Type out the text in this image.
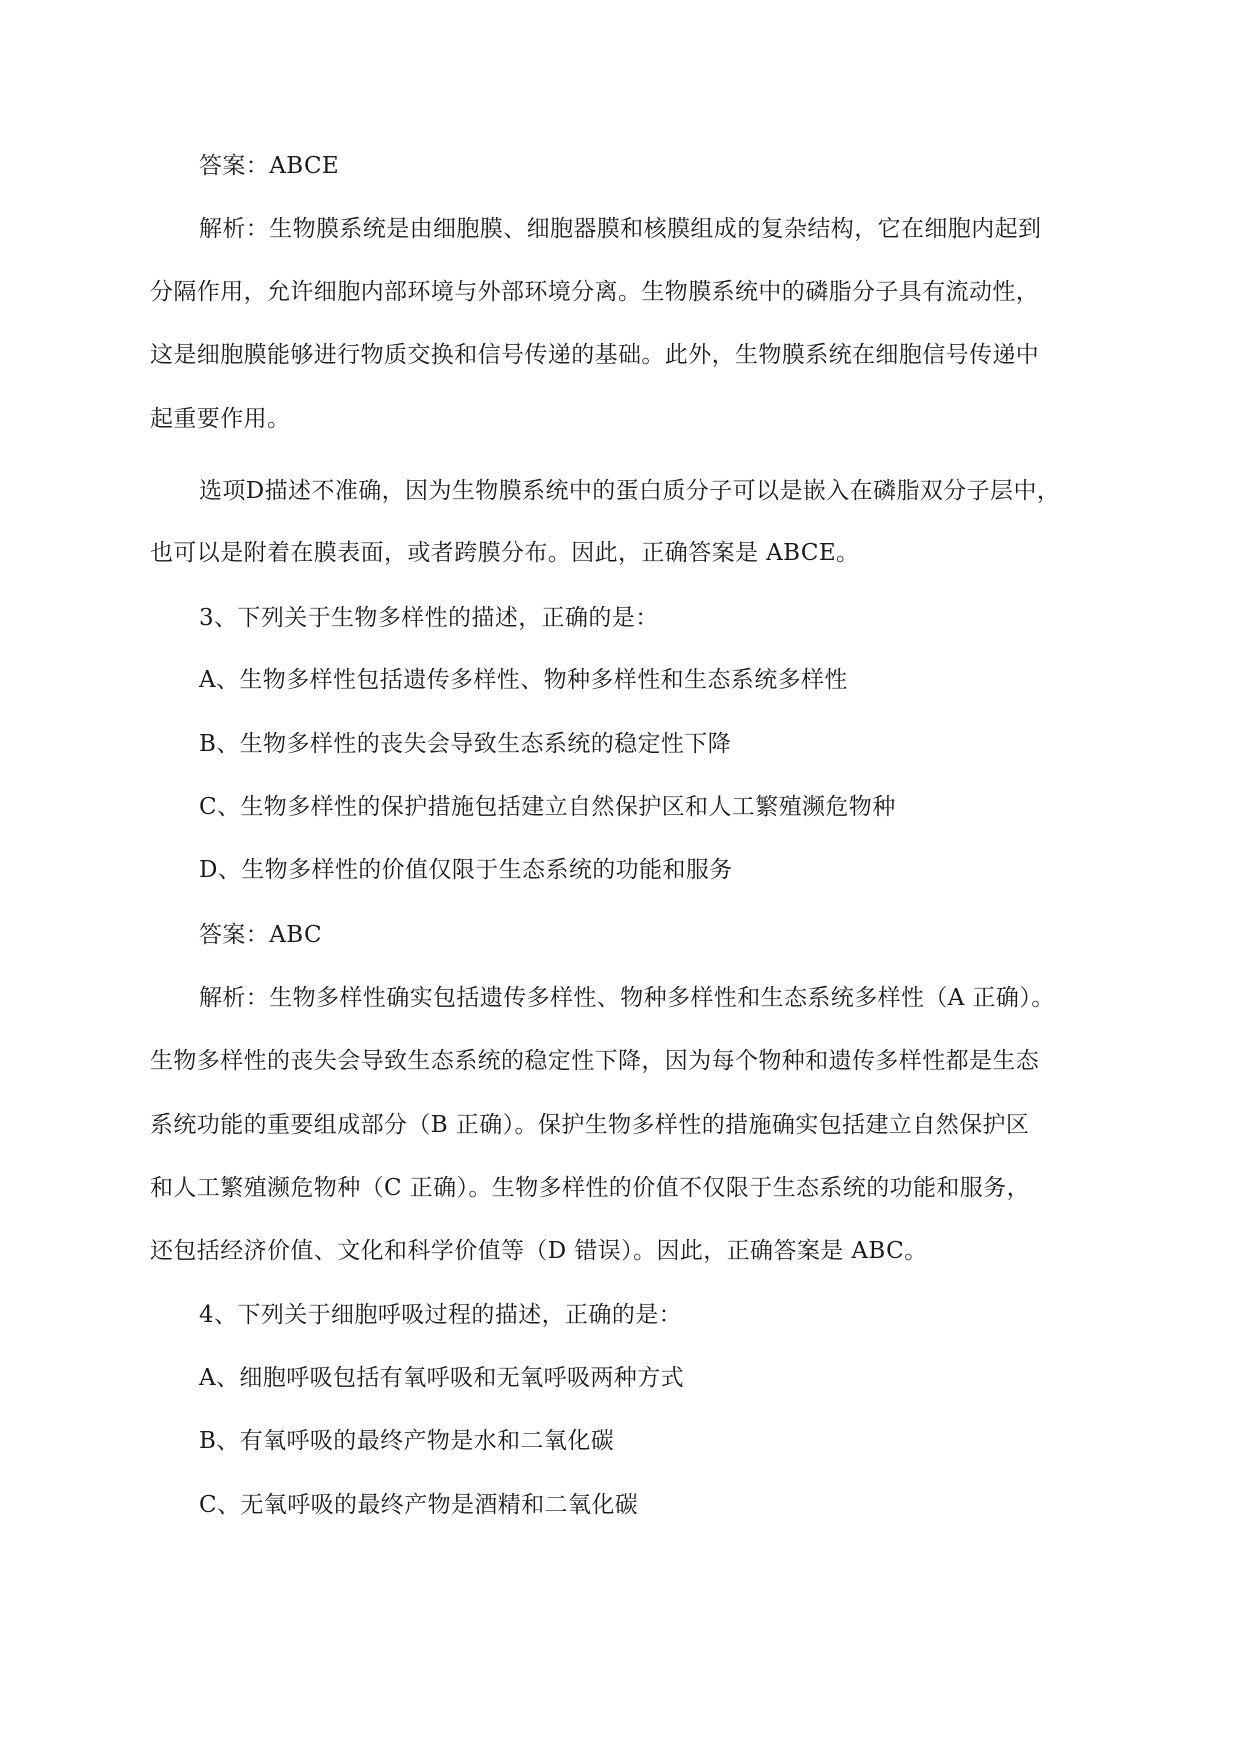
答案：ABCE
解析：生物膜系统是由细胞膜、细胞器膜和核膜组成的复杂结构，它在细胞内起到
分隔作用，允许细胞内部环境与外部环境分离。生物膜系统中的磷脂分子具有流动性，
这是细胞膜能够进行物质交换和信号传递的基础。此外，生物膜系统在细胞信号传递中
起重要作用。
选项D描述不准确，因为生物膜系统中的蛋白质分子可以是嵌入在磷脂双分子层中，
也可以是附着在膜表面，或者跨膜分布。因此，正确答案是 ABCE。
3、下列关于生物多样性的描述，正确的是：
A、生物多样性包括遗传多样性、物种多样性和生态系统多样性
B、生物多样性的丧失会导致生态系统的稳定性下降
C、生物多样性的保护措施包括建立自然保护区和人工繁殖濒危物种
D、生物多样性的价值仅限于生态系统的功能和服务
答案：ABC
解析：生物多样性确实包括遗传多样性、物种多样性和生态系统多样性（A 正确）。
生物多样性的丧失会导致生态系统的稳定性下降，因为每个物种和遗传多样性都是生态
系统功能的重要组成部分（B 正确）。保护生物多样性的措施确实包括建立自然保护区
和人工繁殖濒危物种（C 正确）。生物多样性的价值不仅限于生态系统的功能和服务，
还包括经济价值、文化和科学价值等（D 错误）。因此，正确答案是 ABC。
4、下列关于细胞呼吸过程的描述，正确的是：
A、细胞呼吸包括有氧呼吸和无氧呼吸两种方式
B、有氧呼吸的最终产物是水和二氧化碳
C、无氧呼吸的最终产物是酒精和二氧化碳
